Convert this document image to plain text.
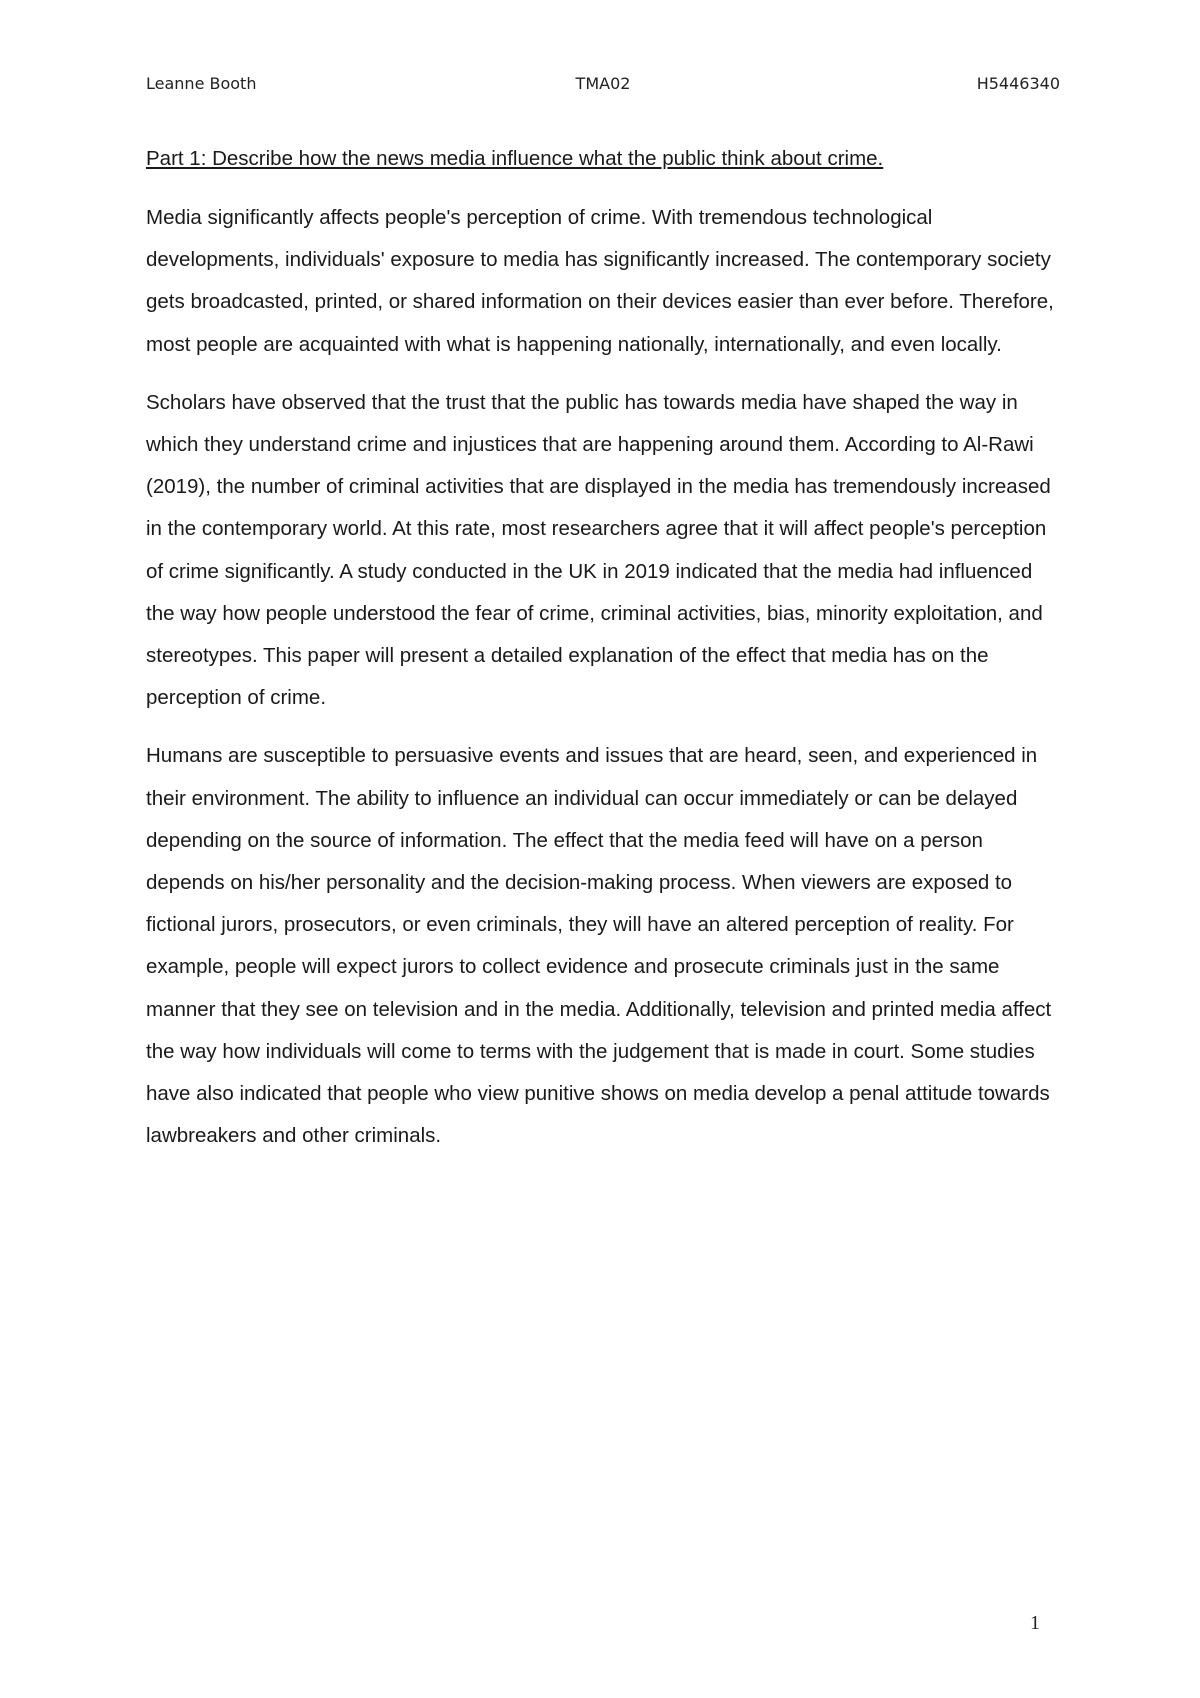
Leanne Booth	TMA02	H5446340

Part 1: Describe how the news media influence what the public think about crime.

Media significantly affects people's perception of crime. With tremendous technological developments, individuals' exposure to media has significantly increased. The contemporary society gets broadcasted, printed, or shared information on their devices easier than ever before. Therefore, most people are acquainted with what is happening nationally, internationally, and even locally.

Scholars have observed that the trust that the public has towards media have shaped the way in which they understand crime and injustices that are happening around them. According to Al-Rawi (2019), the number of criminal activities that are displayed in the media has tremendously increased in the contemporary world. At this rate, most researchers agree that it will affect people's perception of crime significantly. A study conducted in the UK in 2019 indicated that the media had influenced the way how people understood the fear of crime, criminal activities, bias, minority exploitation, and stereotypes. This paper will present a detailed explanation of the effect that media has on the perception of crime.

Humans are susceptible to persuasive events and issues that are heard, seen, and experienced in their environment. The ability to influence an individual can occur immediately or can be delayed depending on the source of information. The effect that the media feed will have on a person depends on his/her personality and the decision-making process. When viewers are exposed to fictional jurors, prosecutors, or even criminals, they will have an altered perception of reality. For example, people will expect jurors to collect evidence and prosecute criminals just in the same manner that they see on television and in the media. Additionally, television and printed media affect the way how individuals will come to terms with the judgement that is made in court. Some studies have also indicated that people who view punitive shows on media develop a penal attitude towards lawbreakers and other criminals.

1
